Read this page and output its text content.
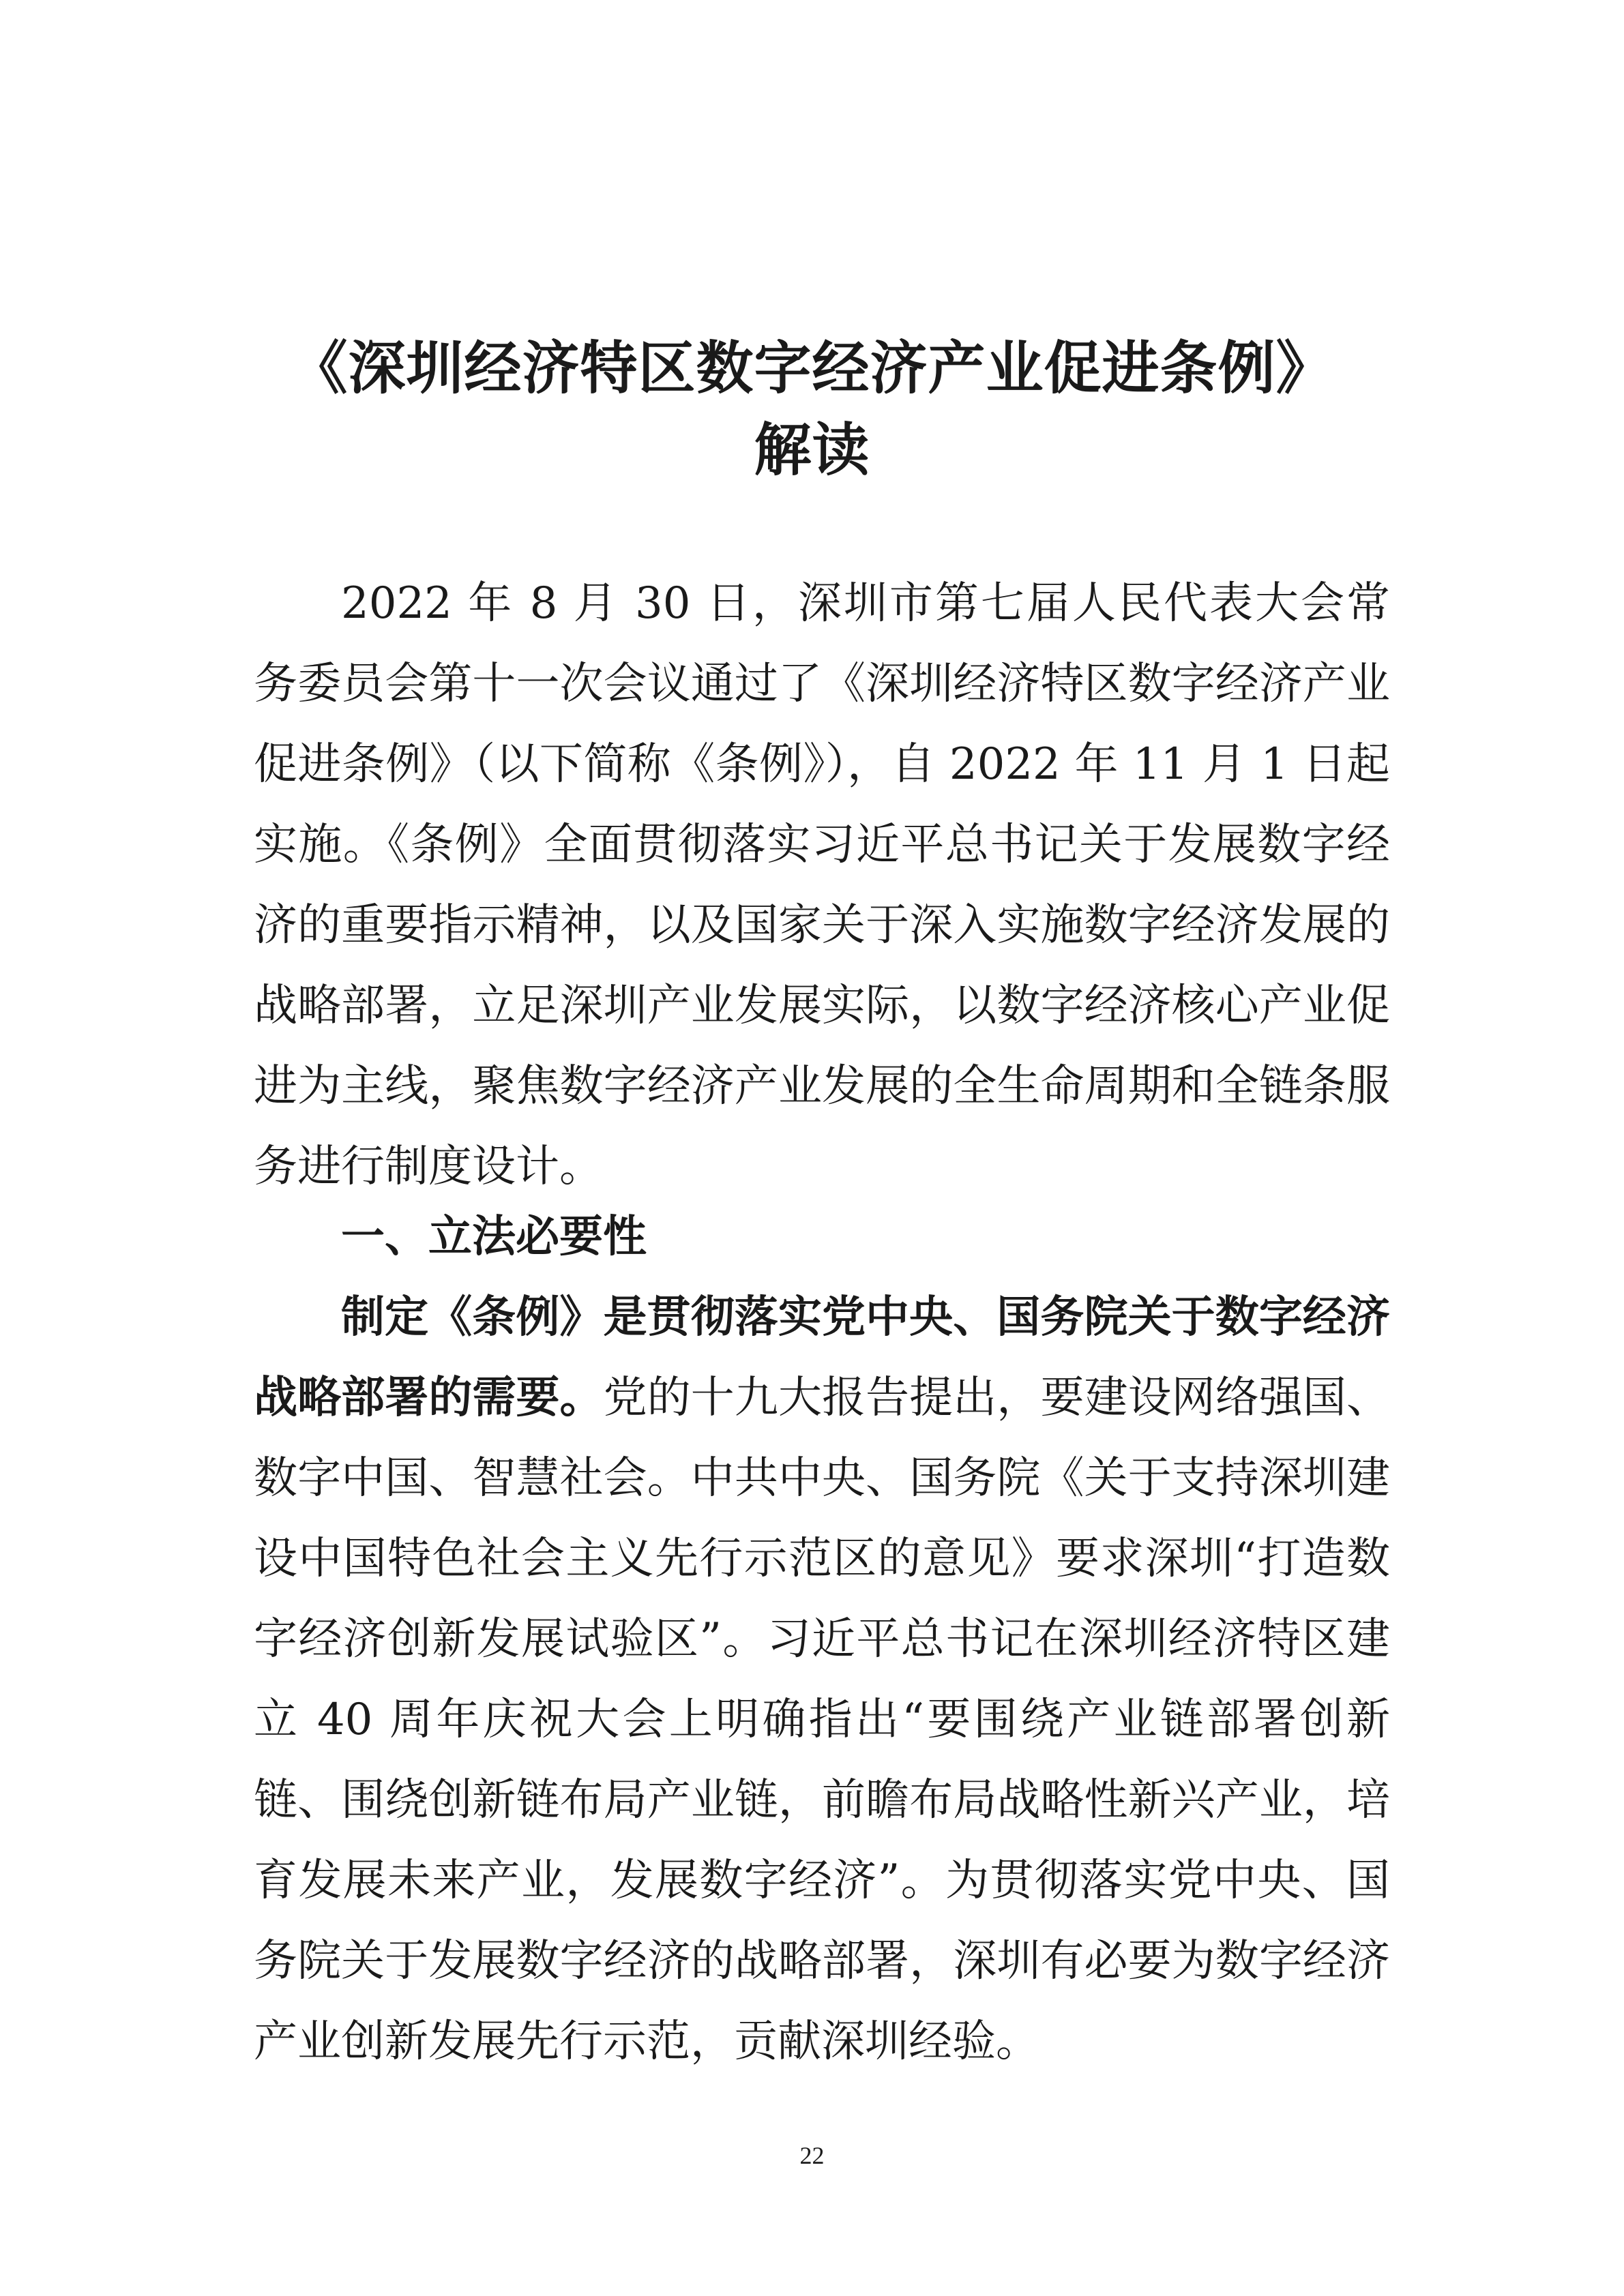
《深圳经济特区数字经济产业促进条例》
解读

2022 年 8 月 30 日，深圳市第七届人民代表大会常务委员会第十一次会议通过了《深圳经济特区数字经济产业促进条例》（以下简称《条例》），自 2022 年 11 月 1 日起实施。《条例》全面贯彻落实习近平总书记关于发展数字经济的重要指示精神，以及国家关于深入实施数字经济发展的战略部署，立足深圳产业发展实际，以数字经济核心产业促进为主线，聚焦数字经济产业发展的全生命周期和全链条服务进行制度设计。

一、立法必要性

制定《条例》是贯彻落实党中央、国务院关于数字经济战略部署的需要。党的十九大报告提出，要建设网络强国、数字中国、智慧社会。中共中央、国务院《关于支持深圳建设中国特色社会主义先行示范区的意见》要求深圳“打造数字经济创新发展试验区”。习近平总书记在深圳经济特区建立 40 周年庆祝大会上明确指出“要围绕产业链部署创新链、围绕创新链布局产业链，前瞻布局战略性新兴产业，培育发展未来产业，发展数字经济”。为贯彻落实党中央、国务院关于发展数字经济的战略部署，深圳有必要为数字经济产业创新发展先行示范，贡献深圳经验。

22
